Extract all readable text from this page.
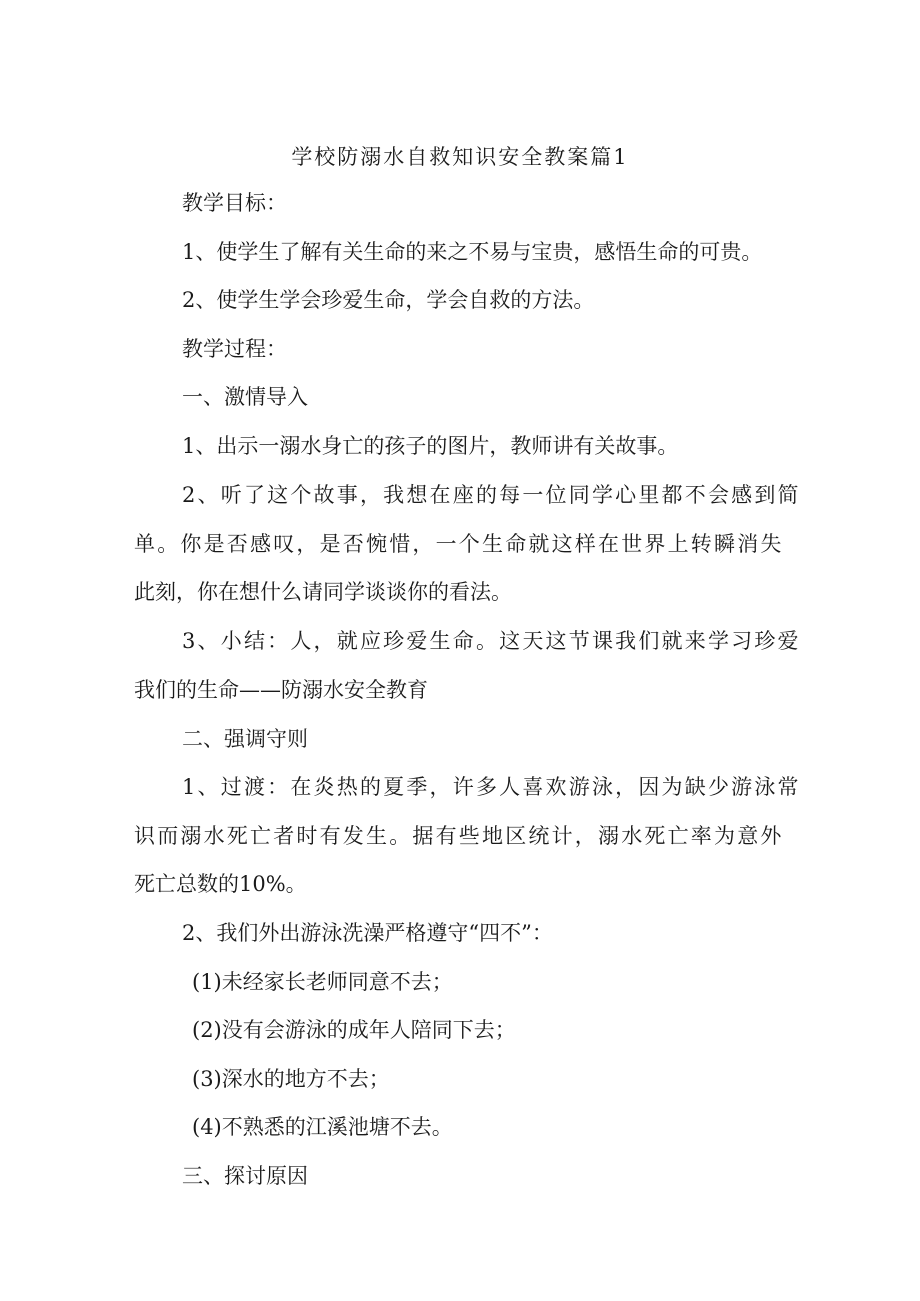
学校防溺水自救知识安全教案篇1
教学目标：
1、使学生了解有关生命的来之不易与宝贵，感悟生命的可贵。
2、使学生学会珍爱生命，学会自救的方法。
教学过程：
一、激情导入
1、出示一溺水身亡的孩子的图片，教师讲有关故事。
2、听了这个故事，我想在座的每一位同学心里都不会感到简
单。你是否感叹，是否惋惜，一个生命就这样在世界上转瞬消失
此刻，你在想什么请同学谈谈你的看法。
3、小结：人，就应珍爱生命。这天这节课我们就来学习珍爱
我们的生命——防溺水安全教育
二、强调守则
1、过渡：在炎热的夏季，许多人喜欢游泳，因为缺少游泳常
识而溺水死亡者时有发生。据有些地区统计，溺水死亡率为意外
死亡总数的10%。
2、我们外出游泳洗澡严格遵守“四不”：
(1)未经家长老师同意不去；
(2)没有会游泳的成年人陪同下去；
(3)深水的地方不去；
(4)不熟悉的江溪池塘不去。
三、探讨原因
